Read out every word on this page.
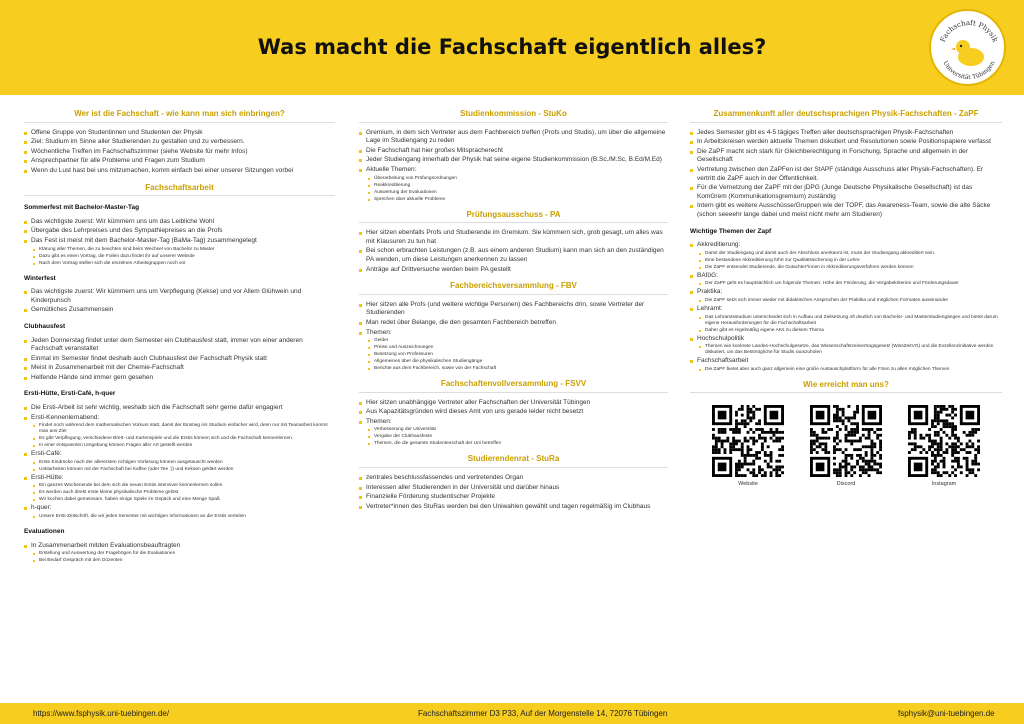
Was macht die Fachschaft eigentlich alles?	Fachschaft Physik
Universität Tübingen
Wer ist die Fachschaft - wie kann man sich einbringen?
Offene Gruppe von Studentinnen und Studenten der Physik
Ziel: Studium im Sinne aller Studierenden zu gestalten und zu verbessern.
Wöchentliche Treffen im Fachschaftszimmer (siehe Website für mehr Infos)
Ansprechpartner für alle Probleme und Fragen zum Studium
Wenn du Lust hast bei uns mitzumachen, komm einfach bei einer unserer Sitzungen vorbei
Fachschaftsarbeit
Sommerfest mit Bachelor-Master-Tag
Das wichtigste zuerst: Wir kümmern uns um das Leibliche Wohl
Übergabe des Lehrpreises und des Sympathiepreises an die Profs
Das Fest ist meist mit dem Bachelor-Master-Tag (BaMa-Tag) zusammengelegt
Klärung aller Themen, die zu beachten sind beim Wechsel von Bachelor zu Master
Dazu gibt es einen Vortrag, die Folien dazu findet ihr auf unserer Website
Nach dem Vortrag stellen sich die einzelnen Arbeitsgruppen noch vor
Winterfest
Das wichtigste zuerst: Wir kümmern uns um Verpflegung (Kekse) und vor Allem Glühwein und Kinderpunsch
Gemütliches Zusammensein
Clubhausfest
Jeden Donnerstag findet unter dem Semester ein Clubhausfest statt, immer von einer anderen Fachschaft veranstaltet
Einmal im Semester findet deshalb auch Clubhausfest der Fachschaft Physik statt
Meist in Zusammenarbeit mit der Chemie-Fachschaft
Helfende Hände sind immer gern gesehen
Ersti-Hütte, Ersti-Café, h-quer
Die Ersti-Arbeit ist sehr wichtig, weshalb sich die Fachschaft sehr gerne dafür engagiert
Ersti-Kennenlernabend:
Findet noch während dem mathematischen Vorkurs statt, damit der Einstieg ins Studium einfacher wird, denn nur mit Teamarbeit kommt man ans Ziel
Es gibt Verpflegung, verschiedene Brett- und Kartenspiele und die Erstis können sich und die Fachschaft kennenlernen.
In einer entspannten Umgebung können Fragen aller Art gestellt werden
Ersti-Café:
Erste Eindrücke nach der allerersten richtigen Vorlesung können ausgetauscht werden
Unklarheiten können mit der Fachschaft bei Kaffee (oder Tee :)) und Keksen geklärt werden
Ersti-Hütte:
Ein ganzes Wochenende bei dem sich die neuen Erstis intensiver kennenlernen sollen
Es werden auch direkt erste kleine physikalische Probleme gelöst
Wir kochen dabei gemeinsam, haben einige Spiele im Gepäck und eine Menge Spaß
h-quer:
Unsere Ersti-Zeitschrift, die wir jedes Semester mit wichtigen Informationen an die Erstis verteilen
Evaluationen
In Zusammenarbeit mitden Evaluationsbeauftragten
Erstellung und Auswertung der Fragebögen für die Evaluationen
Bei Bedarf Gespräch mit den Dozenten
Studienkommission - StuKo
Gremium, in dem sich Vertreter aus dem Fachbereich treffen (Profs und Studis), um über die allgemeine Lage im Studiengang zu reden
Die Fachschaft hat hier großes Mitspracherecht
Jeder Studiengang innerhalb der Physik hat seine eigene Studienkommission (B.Sc./M.Sc, B.Ed/M.Ed)
Aktuelle Themen:
Überarbeitung von Prüfungsordnungen
Reakkreditierung
Auswertung der Evaluationen
Sprechen über aktuelle Probleme
Prüfungsausschuss - PA
Hier sitzen ebenfalls Profs und Studierende im Gremium. Sie kümmern sich, grob gesagt, um alles was mit Klausuren zu tun hat
Bei schon erbrachten Leistungen (z.B. aus einem anderen Studium) kann man sich an den zuständigen PA wenden, um diese Leistungen anerkennen zu lassen
Anträge auf Drittversuche werden beim PA gestellt
Fachbereichsversammlung - FBV
Hier sitzen alle Profs (und weitere wichtige Personen) des Fachbereichs drin, sowie Vertreter der Studierenden
Man redet über Belange, die den gesamten Fachbereich betreffen
Themen:
Gelder
Preise und Auszeichnungen
Besetzung von Professuren
Allgemeines über die physikalischen Studiengänge
Berichte aus dem Fachbereich, sowie von der Fachschaft
Fachschaftenvollversammlung - FSVV
Hier sitzen unabhängige Vertreter aller Fachschaften der Universität Tübingen
Aus Kapazitätsgründen wird dieses Amt von uns gerade leider nicht besetzt
Themen:
Verbesserung der Universität
Vergabe der Clubhausfeste
Themen, die die gesamte Studentenschaft der Uni betreffen
Studierendenrat - StuRa
zentrales beschlussfassendes und vertretendes Organ
Interessen aller Studierenden in der Universität und darüber hinaus
Finanzielle Förderung studentischer Projekte
Vertreter*innen des StuRas werden bei den Uniwahlen gewählt und tagen regelmäßig im Clubhaus
Zusammenkunft aller deutschsprachigen Physik-Fachschaften - ZaPF
Jedes Semester gibt es 4-5 tägiges Treffen aller deutschsprachigen Physik-Fachschaften
In Arbeitskreisen werden aktuelle Themen diskutiert und Resolutionen sowie Positionspapiere verfasst
Die ZaPF macht sich stark für Gleichberechtigung in Forschung, Sprache und allgemein in der Gesellschaft
Vertretung zwischen den ZaPFen ist der StAPF (ständige Ausschuss aller Physik-Fachschaften). Er vertritt die ZaPF auch in der Öffentlichkeit.
Für die Vernetzung der ZaPF mit der jDPG (Junge Deutsche Physikalische Gesellschaft) ist das KomGrem (Kommunikationsgremium) zuständig
Intern gibt es weitere Ausschüsse/Gruppen wie der TOPF, das Awareness-Team, sowie die alte Säcke (schon seeeehr lange dabei und meist nicht mehr am Studieren)
Wichtige Themen der Zapf
Akkreditierung:
Damit der Studiengang und damit auch der Abschluss anerkannt ist, muss der Studiengang akkreditiert sein.
Eine bestandene Akkreditierung führt zur Qualitätssicherung in der Lehre
Die ZaPF entsendet Studierende, die Gutachter*innen in Akkreditierungsverfahren werden können
BAföG:
Der ZaPF geht es hauptsächlich um folgende Themen: Höhe der Förderung, die Vergabekriterien und Förderungsdauer
Praktika:
Die ZaPF setzt sich immer wieder mit didaktischen Ansprüchen der Praktika und möglichen Formaten auseinander
Lehramt:
Das Lehramtsstudium unterscheidet sich in Aufbau und Zielsetzung oft deutlich von Bachelor- und Masterstudiengängen und bietet darum eigene Herausforderungen für die Fachschaftsarbeit
Daher gibt es regelmäßig eigene AKs zu diesem Thema
Hochschulpolitik
Themen wie konkrete Landes-Hochschulgesetze, das Wissenschaftszeitvertragsgesetz (WissZeitVG) und die Exzellenzinitiative werden diskutiert, um das Bestmögliche für Studis rauszuholen
Fachschaftsarbeit
Die ZaPF bietet aber auch ganz allgemein eine große Austauschplattform für alle FSen zu allen möglichen Themen
Wie erreicht man uns?
Website	Discord	Instagram
https://www.fsphysik.uni-tuebingen.de/	Fachschaftszimmer D3 P33, Auf der Morgenstelle 14, 72076 Tübingen	fsphysik@uni-tuebingen.de
